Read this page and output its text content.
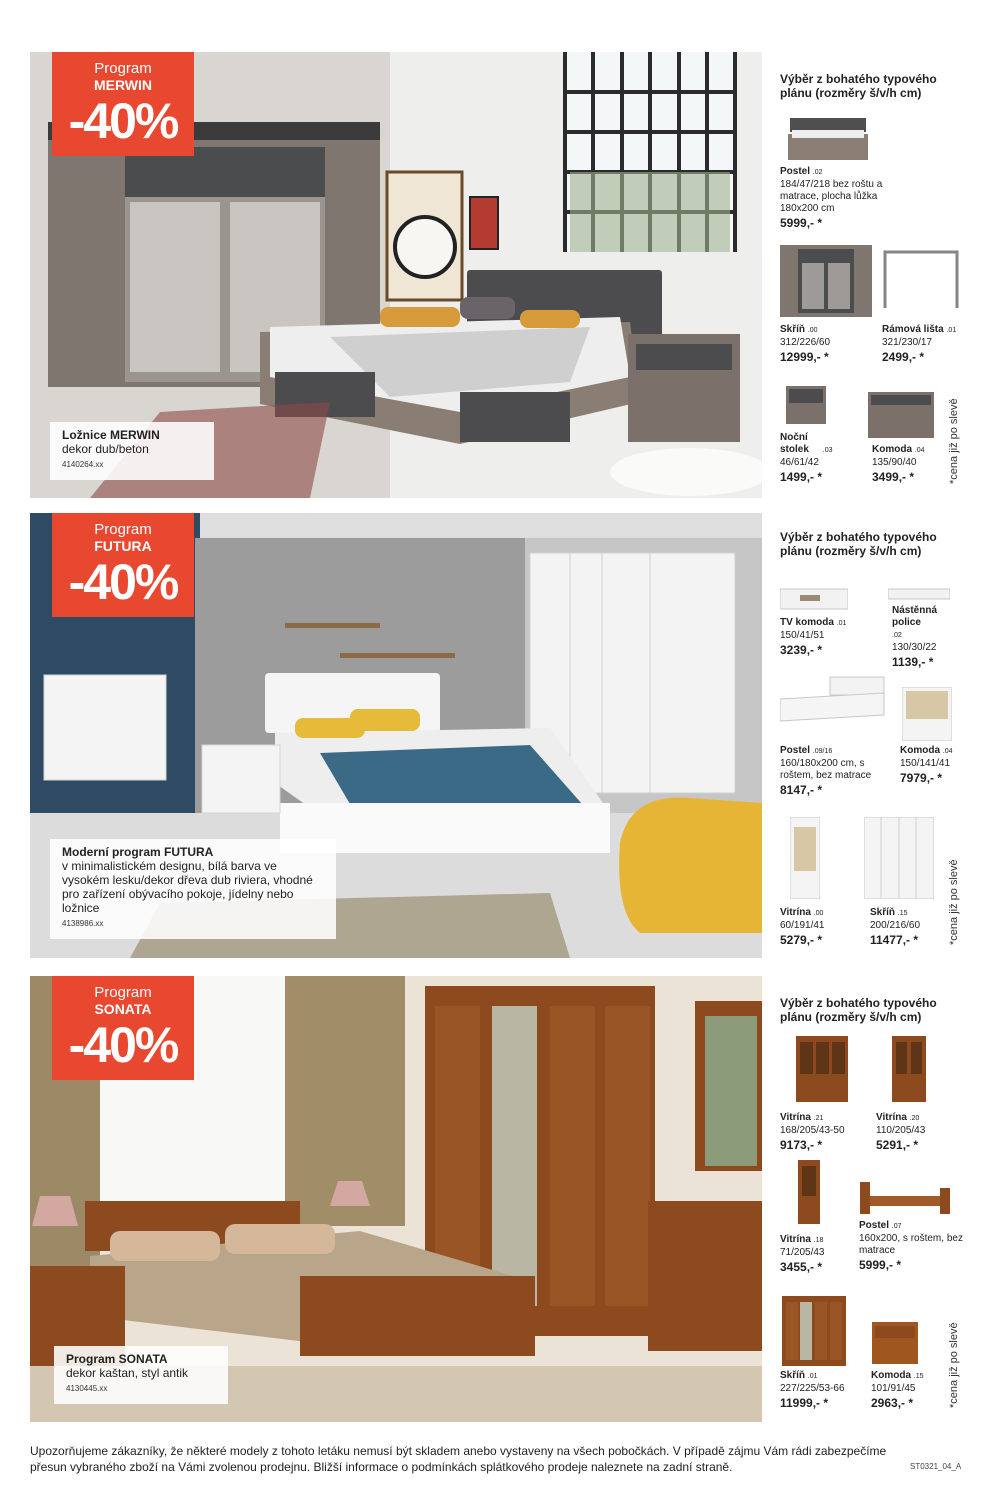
Program
MERWIN
-40%
Ložnice MERWIN
dekor dub/beton
4140264.xx
Výběr z bohatého typového plánu (rozměry š/v/h cm)
Postel .02
184/47/218 bez roštu a matrace, plocha lůžka 180x200 cm
5999,- *
Skříň .00
312/226/60
12999,- *
Rámová lišta .01
321/230/17
2499,- *
Noční stolek .03
46/61/42
1499,- *
Komoda .04
135/90/40
3499,- *	*cena již po slevě
Program
FUTURA
-40%
Moderní program FUTURA
v minimalistickém designu, bílá barva ve vysokém lesku/dekor dřeva dub riviera, vhodné pro zařízení obývacího pokoje, jídelny nebo ložnice
4138986.xx
Výběr z bohatého typového plánu (rozměry š/v/h cm)
TV komoda .01
150/41/51
3239,- *
Nástěnná police .02
130/30/22
1139,- *
Postel .09/16
160/180x200 cm, s roštem, bez matrace
8147,- *
Komoda .04
150/141/41
7979,- *
Vitrína .00
60/191/41
5279,- *
Skříň .15
200/216/60
11477,- *	*cena již po slevě
Program
SONATA
-40%
Program SONATA
dekor kaštan, styl antik
4130445.xx
Výběr z bohatého typového plánu (rozměry š/v/h cm)
Vitrína .21
168/205/43-50
9173,- *
Vitrína .20
110/205/43
5291,- *
Vitrína .18
71/205/43
3455,- *
Postel .07
160x200, s roštem, bez matrace
5999,- *
Skříň .01
227/225/53-66
11999,- *
Komoda .15
101/91/45
2963,- *	*cena již po slevě
Upozorňujeme zákazníky, že některé modely z tohoto letáku nemusí být skladem anebo vystaveny na všech pobočkách. V případě zájmu Vám rádi zabezpečíme přesun vybraného zboží na Vámi zvolenou prodejnu. Bližší informace o podmínkách splátkového prodeje naleznete na zadní straně.	ST0321_04_A
